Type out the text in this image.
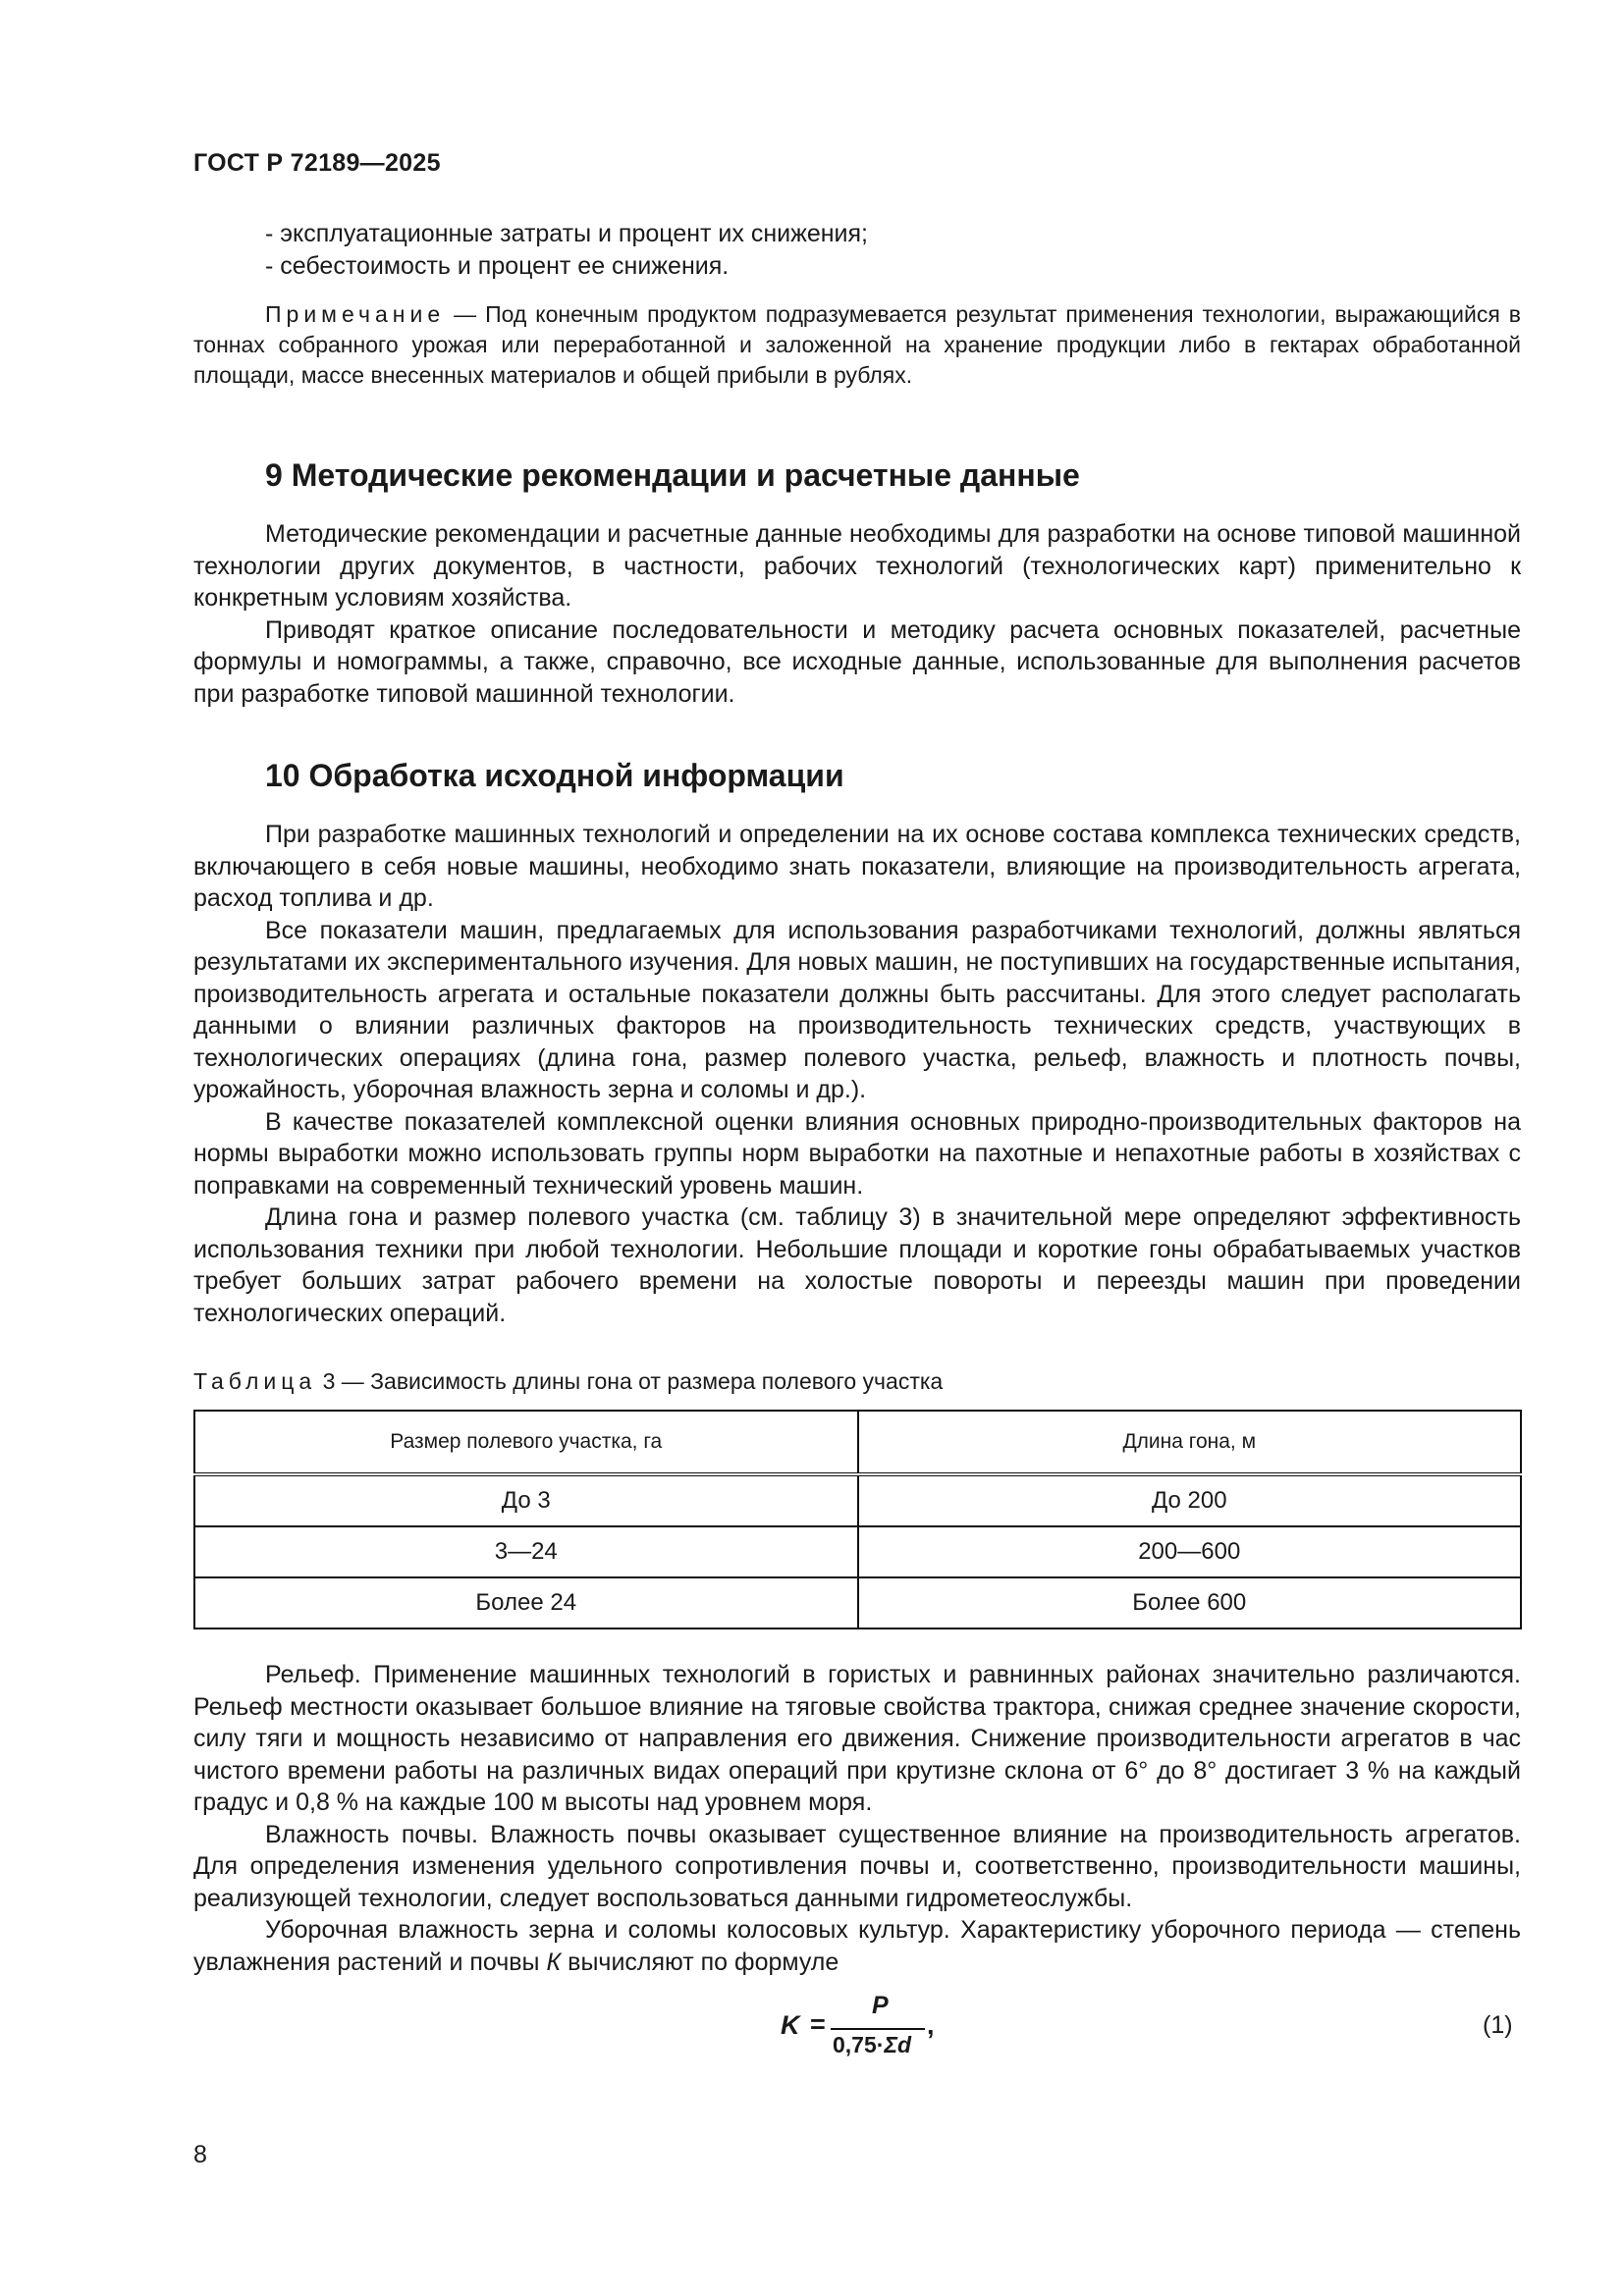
ГОСТ Р 72189—2025

- эксплуатационные затраты и процент их снижения;

- себестоимость и процент ее снижения.

Примечание — Под конечным продуктом подразумевается результат применения технологии, выражающийся в тоннах собранного урожая или переработанной и заложенной на хранение продукции либо в гектарах обработанной площади, массе внесенных материалов и общей прибыли в рублях.

9 Методические рекомендации и расчетные данные

Методические рекомендации и расчетные данные необходимы для разработки на основе типовой машинной технологии других документов, в частности, рабочих технологий (технологических карт) применительно к конкретным условиям хозяйства.

Приводят краткое описание последовательности и методику расчета основных показателей, расчетные формулы и номограммы, а также, справочно, все исходные данные, использованные для выполнения расчетов при разработке типовой машинной технологии.

10 Обработка исходной информации

При разработке машинных технологий и определении на их основе состава комплекса технических средств, включающего в себя новые машины, необходимо знать показатели, влияющие на производительность агрегата, расход топлива и др.

Все показатели машин, предлагаемых для использования разработчиками технологий, должны являться результатами их экспериментального изучения. Для новых машин, не поступивших на государственные испытания, производительность агрегата и остальные показатели должны быть рассчитаны. Для этого следует располагать данными о влиянии различных факторов на производительность технических средств, участвующих в технологических операциях (длина гона, размер полевого участка, рельеф, влажность и плотность почвы, урожайность, уборочная влажность зерна и соломы и др.).

В качестве показателей комплексной оценки влияния основных природно-производительных факторов на нормы выработки можно использовать группы норм выработки на пахотные и непахотные работы в хозяйствах с поправками на современный технический уровень машин.

Длина гона и размер полевого участка (см. таблицу 3) в значительной мере определяют эффективность использования техники при любой технологии. Небольшие площади и короткие гоны обрабатываемых участков требует больших затрат рабочего времени на холостые повороты и переезды машин при проведении технологических операций.

Таблица 3 — Зависимость длины гона от размера полевого участка
Размер полевого участка, га	Длина гона, м
До 3	До 200
3—24	200—600
Более 24	Более 600

Рельеф. Применение машинных технологий в гористых и равнинных районах значительно различаются. Рельеф местности оказывает большое влияние на тяговые свойства трактора, снижая среднее значение скорости, силу тяги и мощность независимо от направления его движения. Снижение производительности агрегатов в час чистого времени работы на различных видах операций при крутизне склона от 6° до 8° достигает 3 % на каждый градус и 0,8 % на каждые 100 м высоты над уровнем моря.

Влажность почвы. Влажность почвы оказывает существенное влияние на производительность агрегатов. Для определения изменения удельного сопротивления почвы и, соответственно, производительности машины, реализующей технологии, следует воспользоваться данными гидрометеослужбы.

Уборочная влажность зерна и соломы колосовых культур. Характеристику уборочного периода — степень увлажнения растений и почвы К вычисляют по формуле

K =
P
0,75·Σd
,	(1)
8
